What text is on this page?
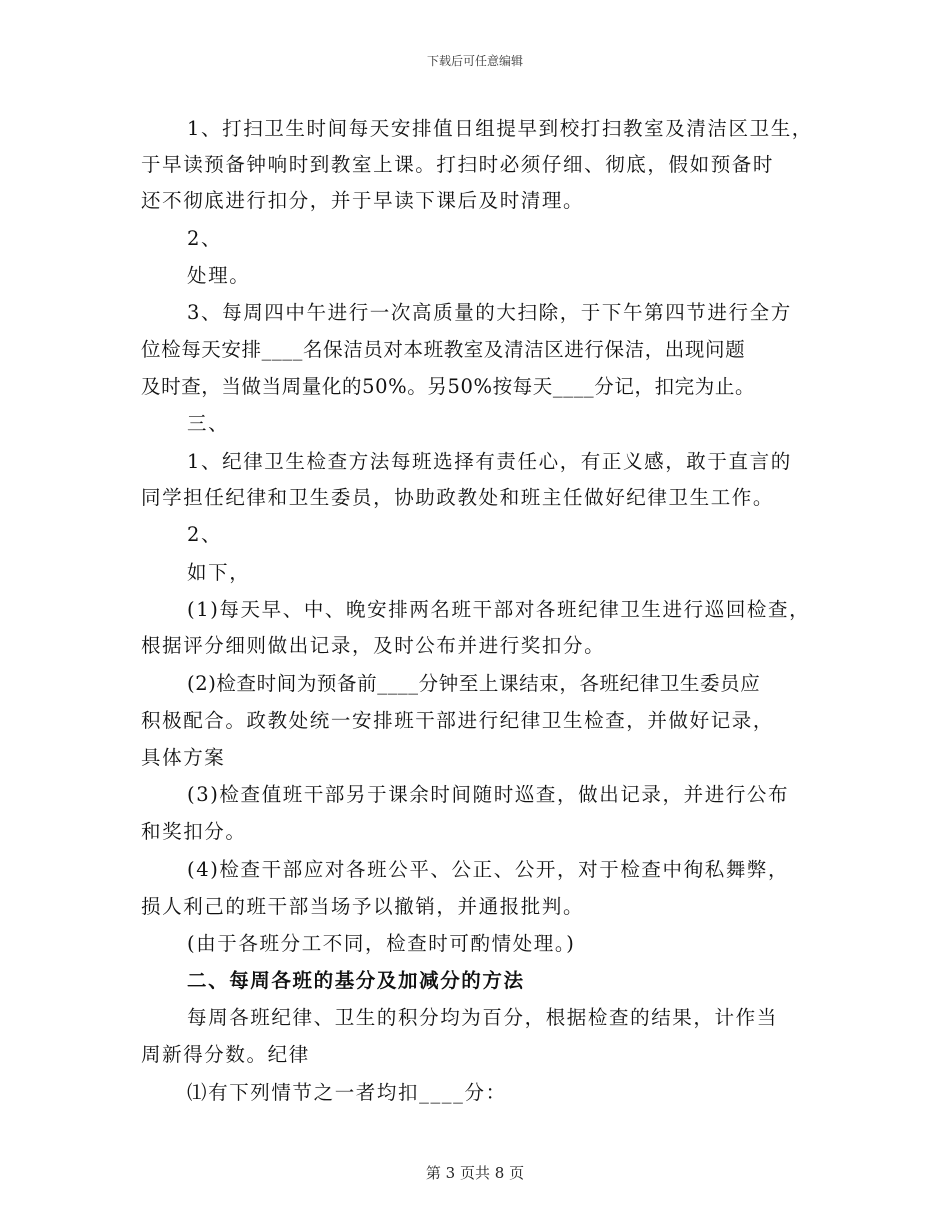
下载后可任意编辑
1、打扫卫生时间每天安排值日组提早到校打扫教室及清洁区卫生，
于早读预备钟响时到教室上课。打扫时必须仔细、彻底，假如预备时
还不彻底进行扣分，并于早读下课后及时清理。
2、
处理。
3、每周四中午进行一次高质量的大扫除，于下午第四节进行全方
位检每天安排____名保洁员对本班教室及清洁区进行保洁，出现问题
及时查，当做当周量化的50%。另50%按每天____分记，扣完为止。
三、
1、纪律卫生检查方法每班选择有责任心，有正义感，敢于直言的
同学担任纪律和卫生委员，协助政教处和班主任做好纪律卫生工作。
2、
如下，
(1)每天早、中、晚安排两名班干部对各班纪律卫生进行巡回检查，
根据评分细则做出记录，及时公布并进行奖扣分。
(2)检查时间为预备前____分钟至上课结束，各班纪律卫生委员应
积极配合。政教处统一安排班干部进行纪律卫生检查，并做好记录，
具体方案
(3)检查值班干部另于课余时间随时巡查，做出记录，并进行公布
和奖扣分。
(4)检查干部应对各班公平、公正、公开，对于检查中徇私舞弊，
损人利己的班干部当场予以撤销，并通报批判。
(由于各班分工不同，检查时可酌情处理。)
二、每周各班的基分及加减分的方法
每周各班纪律、卫生的积分均为百分，根据检查的结果，计作当
周新得分数。纪律
⑴有下列情节之一者均扣____分：
第 3 页共 8 页
